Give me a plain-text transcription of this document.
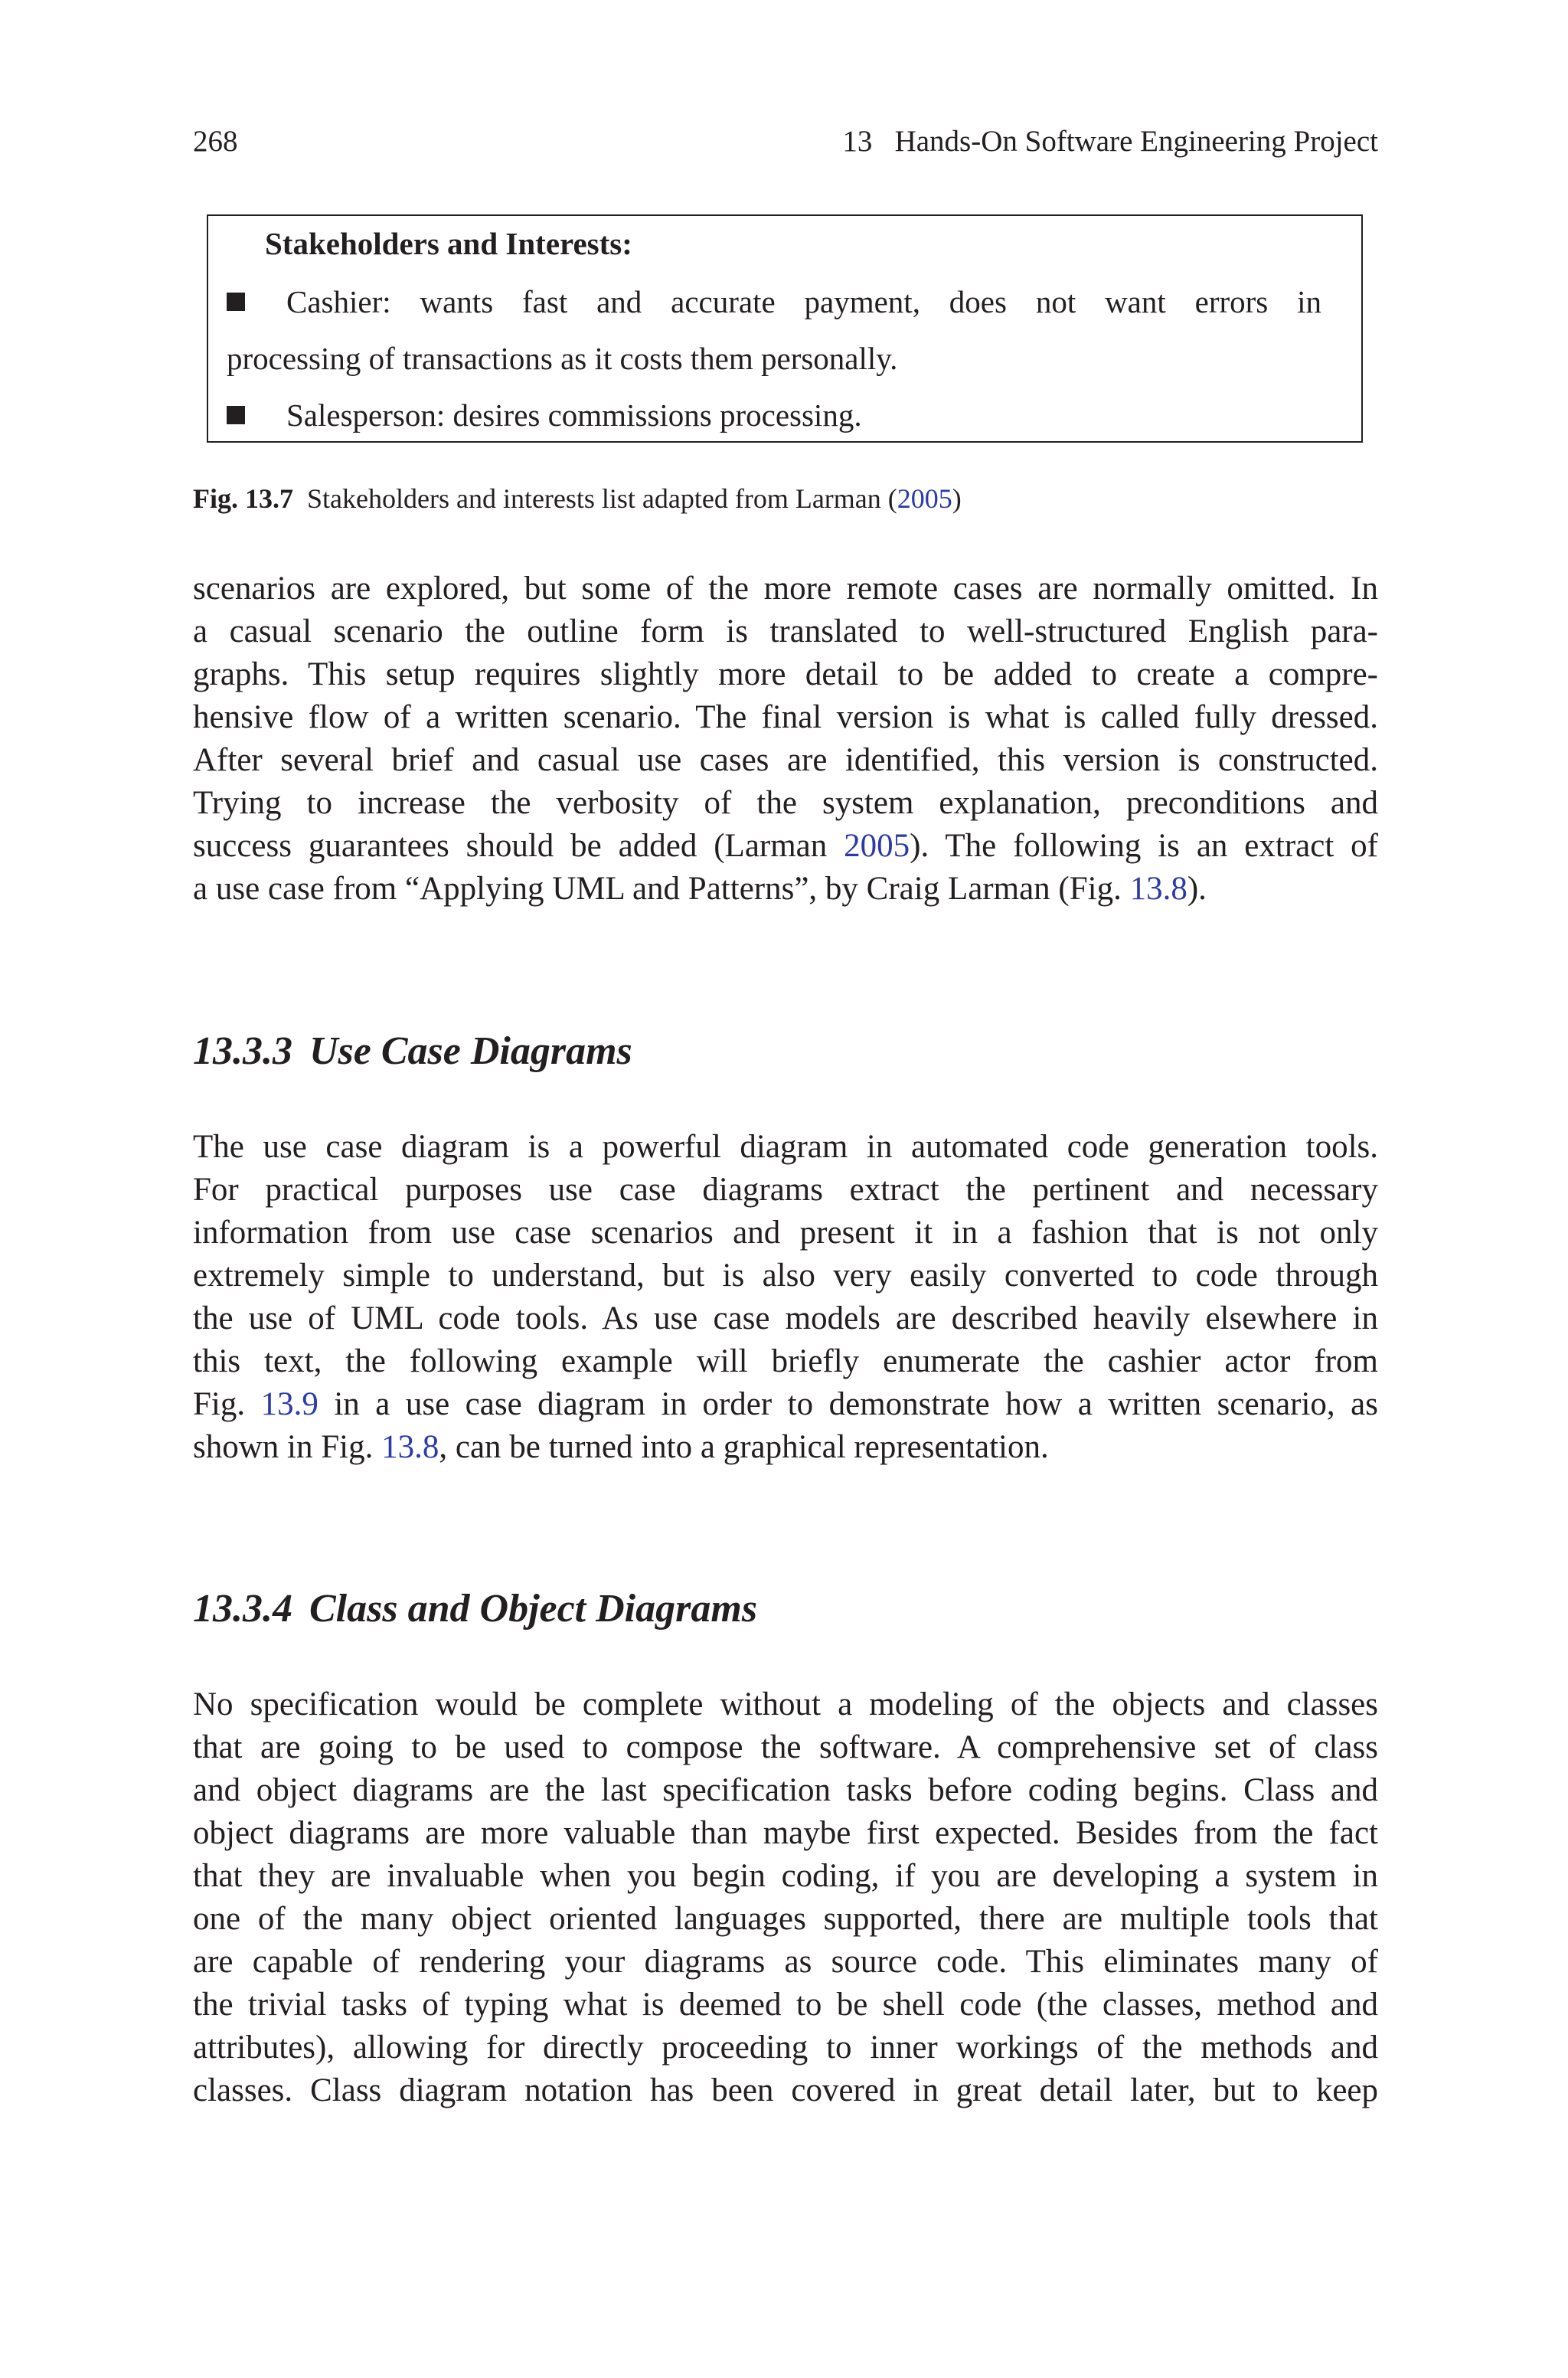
268	13   Hands-On Software Engineering Project
Stakeholders and Interests:
Cashier: wants fast and accurate payment, does not want errors in
processing of transactions as it costs them personally.
Salesperson: desires commissions processing.
Fig. 13.7 Stakeholders and interests list adapted from Larman (2005)
scenarios are explored, but some of the more remote cases are normally omitted. In
a casual scenario the outline form is translated to well-structured English para-
graphs. This setup requires slightly more detail to be added to create a compre-
hensive flow of a written scenario. The final version is what is called fully dressed.
After several brief and casual use cases are identified, this version is constructed.
Trying to increase the verbosity of the system explanation, preconditions and
success guarantees should be added (Larman 2005). The following is an extract of
a use case from “Applying UML and Patterns”, by Craig Larman (Fig. 13.8).
13.3.3 Use Case Diagrams
The use case diagram is a powerful diagram in automated code generation tools.
For practical purposes use case diagrams extract the pertinent and necessary
information from use case scenarios and present it in a fashion that is not only
extremely simple to understand, but is also very easily converted to code through
the use of UML code tools. As use case models are described heavily elsewhere in
this text, the following example will briefly enumerate the cashier actor from
Fig. 13.9 in a use case diagram in order to demonstrate how a written scenario, as
shown in Fig. 13.8, can be turned into a graphical representation.
13.3.4 Class and Object Diagrams
No specification would be complete without a modeling of the objects and classes
that are going to be used to compose the software. A comprehensive set of class
and object diagrams are the last specification tasks before coding begins. Class and
object diagrams are more valuable than maybe first expected. Besides from the fact
that they are invaluable when you begin coding, if you are developing a system in
one of the many object oriented languages supported, there are multiple tools that
are capable of rendering your diagrams as source code. This eliminates many of
the trivial tasks of typing what is deemed to be shell code (the classes, method and
attributes), allowing for directly proceeding to inner workings of the methods and
classes. Class diagram notation has been covered in great detail later, but to keep
